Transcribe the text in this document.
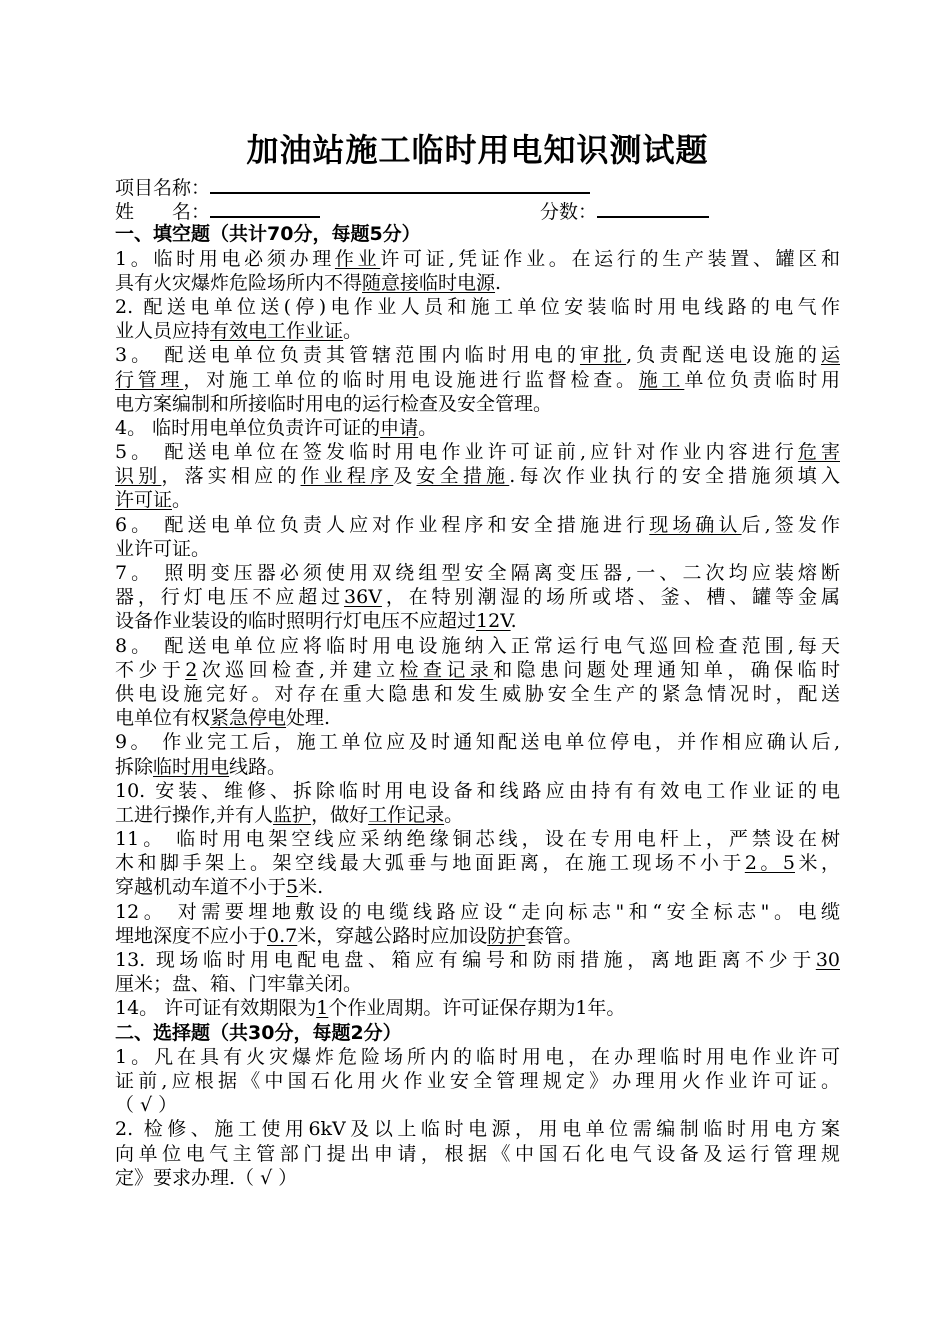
加油站施工临时用电知识测试题
项目名称：
姓　　名：	分数：
一、填空题（共计70分，每题5分）
1。临时用电必须办理作业许可证,凭证作业。在运行的生产装置、罐区和
具有火灾爆炸危险场所内不得随意接临时电源.
2. 配送电单位送(停)电作业人员和施工单位安装临时用电线路的电气作
业人员应持有效电工作业证。
3。 配送电单位负责其管辖范围内临时用电的审批,负责配送电设施的运
行管理，对施工单位的临时用电设施进行监督检查。施工单位负责临时用
电方案编制和所接临时用电的运行检查及安全管理。
4。 临时用电单位负责许可证的申请。
5。 配送电单位在签发临时用电作业许可证前,应针对作业内容进行危害
识别，落实相应的作业程序及安全措施.每次作业执行的安全措施须填入
许可证。
6。 配送电单位负责人应对作业程序和安全措施进行现场确认后,签发作
业许可证。
7。 照明变压器必须使用双绕组型安全隔离变压器,一、二次均应装熔断
器，行灯电压不应超过36V，在特别潮湿的场所或塔、釜、槽、罐等金属
设备作业装设的临时照明行灯电压不应超过12V.
8。 配送电单位应将临时用电设施纳入正常运行电气巡回检查范围,每天
不少于2次巡回检查,并建立检查记录和隐患问题处理通知单，确保临时
供电设施完好。对存在重大隐患和发生威胁安全生产的紧急情况时，配送
电单位有权紧急停电处理.
9。 作业完工后，施工单位应及时通知配送电单位停电，并作相应确认后,
拆除临时用电线路。
10. 安装、维修、拆除临时用电设备和线路应由持有有效电工作业证的电
工进行操作,并有人监护，做好工作记录。
11。 临时用电架空线应采纳绝缘铜芯线，设在专用电杆上，严禁设在树
木和脚手架上。架空线最大弧垂与地面距离，在施工现场不小于2。5米，
穿越机动车道不小于5米.
12。 对需要埋地敷设的电缆线路应设“走向标志"和“安全标志"。电缆
埋地深度不应小于0.7米，穿越公路时应加设防护套管。
13. 现场临时用电配电盘、箱应有编号和防雨措施，离地距离不少于30
厘米；盘、箱、门牢靠关闭。
14。 许可证有效期限为1个作业周期。许可证保存期为1年。
二、选择题（共30分，每题2分）
1。凡在具有火灾爆炸危险场所内的临时用电，在办理临时用电作业许可
证前,应根据《中国石化用火作业安全管理规定》办理用火作业许可证。
（ √ ）
2. 检修、施工使用6kV及以上临时电源，用电单位需编制临时用电方案
向单位电气主管部门提出申请，根据《中国石化电气设备及运行管理规
定》要求办理.（ √ ）
